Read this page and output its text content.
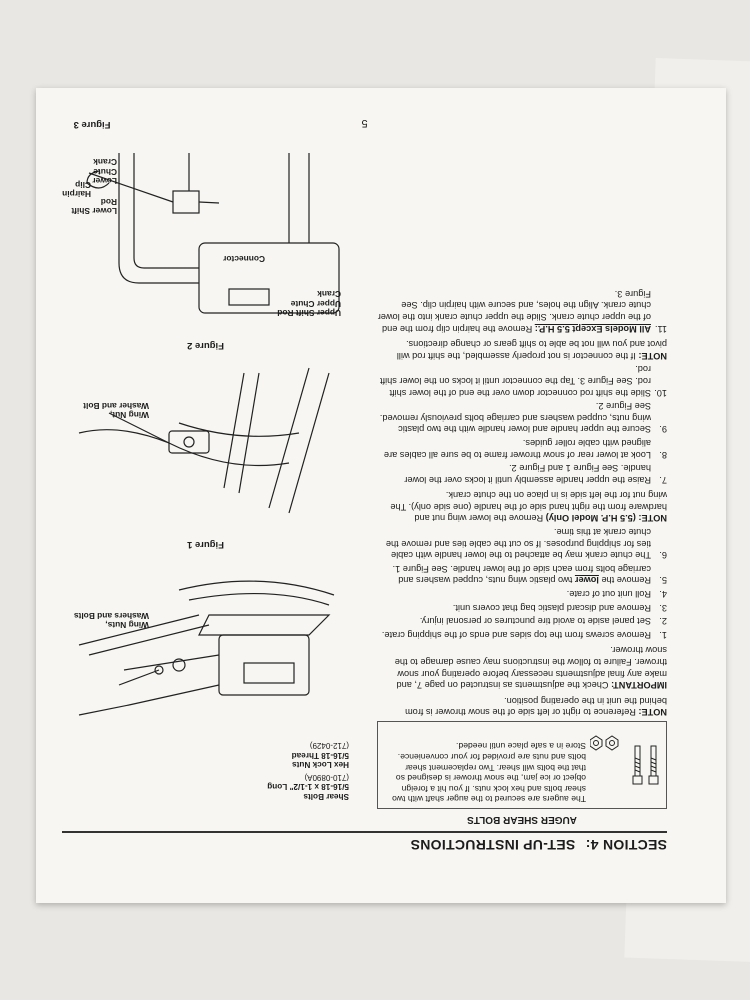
SECTION 4: SET-UP INSTRUCTIONS
AUGER SHEAR BOLTS
The augers are secured to the auger shaft with two shear bolts and hex lock nuts. If you hit a foreign object or ice jam, the snow thrower is designed so that the bolts will shear. Two replacement shear bolts and nuts are provided for your convenience. Store in a safe place until needed.

NOTE: Reference to right or left side of the snow thrower is from behind the unit in the operating position.

IMPORTANT: Check the adjustments as instructed on page 7, and make any final adjustments necessary before operating your snow thrower. Failure to follow the instructions may cause damage to the snow thrower.

1.
Remove screws from the top sides and ends of the shipping crate.
2.
Set panel aside to avoid tire punctures or personal injury.
3.
Remove and discard plastic bag that covers unit.
4.
Roll unit out of crate.
5.
Remove the lower two plastic wing nuts, cupped washers and carriage bolts from each side of the lower handle. See Figure 1.
6.
The chute crank may be attached to the lower handle with cable ties for shipping purposes. If so cut the cable ties and remove the chute crank at this time.

NOTE: (5.5 H.P. Model Only) Remove the lower wing nut and hardware from the right hand side of the handle (one side only). The wing nut for the left side is in place on the chute crank.

7.
Raise the upper handle assembly until it locks over the lower handle. See Figure 1 and Figure 2.
8.
Look at lower rear of snow thrower frame to be sure all cables are aligned with cable roller guides.
9.
Secure the upper handle and lower handle with the two plastic wing nuts, cupped washers and carriage bolts previously removed. See Figure 2.
10.
Slide the shift rod connector down over the end of the lower shift rod. See Figure 3. Tap the connector until it locks on the lower shift rod.

NOTE: If the connector is not properly assembled, the shift rod will pivot and you will not be able to shift gears or change directions.

11.
All Models Except 5.5 H.P.: Remove the hairpin clip from the end of the upper chute crank. Slide the upper chute crank into the lower chute crank. Align the holes, and secure with hairpin clip. See Figure 3.
Shear Bolts
5/16-18 x 1-1/2" Long
(710-0890A)
Hex Lock Nuts
5/16-18 Thread
(712-0429)
Wing Nuts, Washers and Bolts
Figure 1
Wing Nut, Washer and Bolt
Figure 2
Upper Shift Rod
Upper Chute Crank
Connector
Lower Shift Rod
Hairpin Clip Lower Chute Crank
Figure 3	5
